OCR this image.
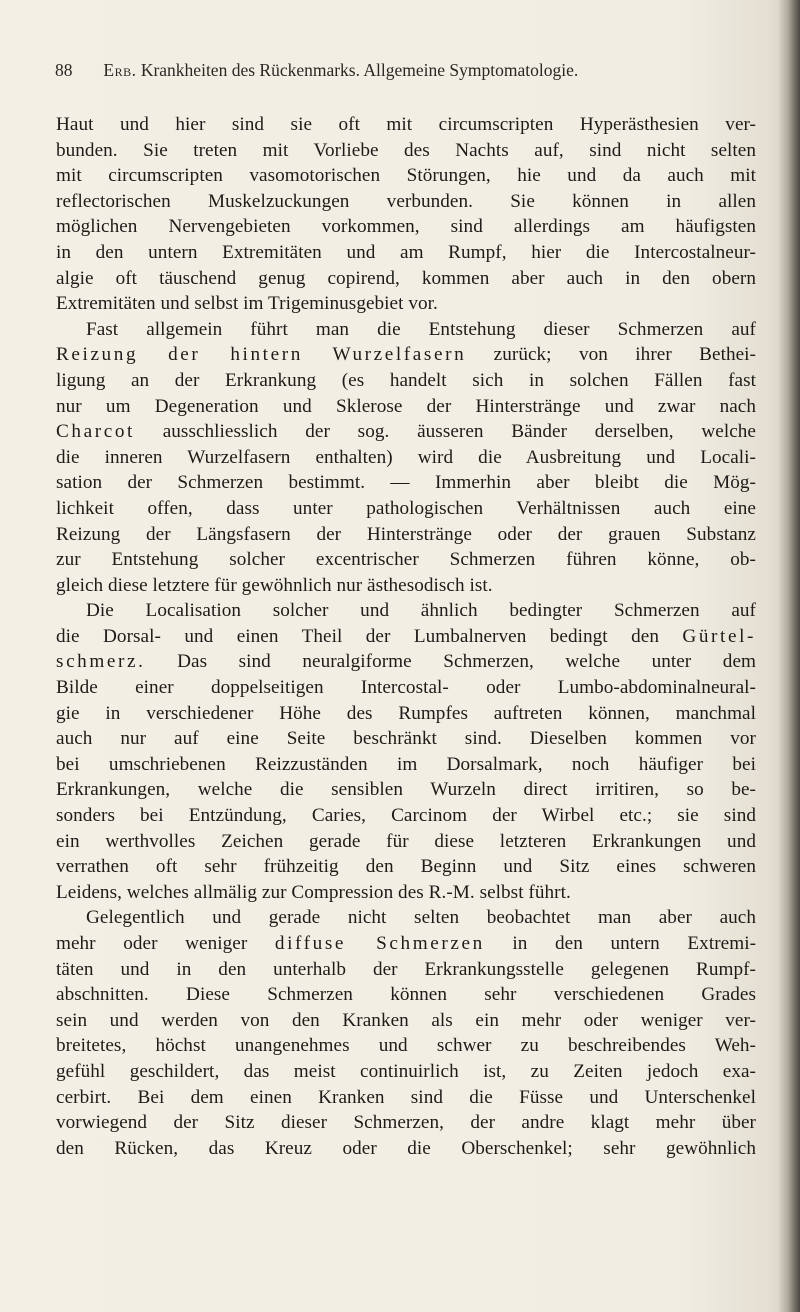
88 Erb. Krankheiten des Rückenmarks. Allgemeine Symptomatologie.
Haut und hier sind sie oft mit circumscripten Hyperästhesien ver-
bunden. Sie treten mit Vorliebe des Nachts auf, sind nicht selten
mit circumscripten vasomotorischen Störungen, hie und da auch mit
reflectorischen Muskelzuckungen verbunden. Sie können in allen
möglichen Nervengebieten vorkommen, sind allerdings am häufigsten
in den untern Extremitäten und am Rumpf, hier die Intercostalneur-
algie oft täuschend genug copirend, kommen aber auch in den obern
Extremitäten und selbst im Trigeminusgebiet vor.
Fast allgemein führt man die Entstehung dieser Schmerzen auf
Reizung der hintern Wurzelfasern zurück; von ihrer Bethei-
ligung an der Erkrankung (es handelt sich in solchen Fällen fast
nur um Degeneration und Sklerose der Hinterstränge und zwar nach
Charcot ausschliesslich der sog. äusseren Bänder derselben, welche
die inneren Wurzelfasern enthalten) wird die Ausbreitung und Locali-
sation der Schmerzen bestimmt. — Immerhin aber bleibt die Mög-
lichkeit offen, dass unter pathologischen Verhältnissen auch eine
Reizung der Längsfasern der Hinterstränge oder der grauen Substanz
zur Entstehung solcher excentrischer Schmerzen führen könne, ob-
gleich diese letztere für gewöhnlich nur ästhesodisch ist.
Die Localisation solcher und ähnlich bedingter Schmerzen auf
die Dorsal- und einen Theil der Lumbalnerven bedingt den Gürtel-
schmerz. Das sind neuralgiforme Schmerzen, welche unter dem
Bilde einer doppelseitigen Intercostal- oder Lumbo-abdominalneural-
gie in verschiedener Höhe des Rumpfes auftreten können, manchmal
auch nur auf eine Seite beschränkt sind. Dieselben kommen vor
bei umschriebenen Reizzuständen im Dorsalmark, noch häufiger bei
Erkrankungen, welche die sensiblen Wurzeln direct irritiren, so be-
sonders bei Entzündung, Caries, Carcinom der Wirbel etc.; sie sind
ein werthvolles Zeichen gerade für diese letzteren Erkrankungen und
verrathen oft sehr frühzeitig den Beginn und Sitz eines schweren
Leidens, welches allmälig zur Compression des R.-M. selbst führt.
Gelegentlich und gerade nicht selten beobachtet man aber auch
mehr oder weniger diffuse Schmerzen in den untern Extremi-
täten und in den unterhalb der Erkrankungsstelle gelegenen Rumpf-
abschnitten. Diese Schmerzen können sehr verschiedenen Grades
sein und werden von den Kranken als ein mehr oder weniger ver-
breitetes, höchst unangenehmes und schwer zu beschreibendes Weh-
gefühl geschildert, das meist continuirlich ist, zu Zeiten jedoch exa-
cerbirt. Bei dem einen Kranken sind die Füsse und Unterschenkel
vorwiegend der Sitz dieser Schmerzen, der andre klagt mehr über
den Rücken, das Kreuz oder die Oberschenkel; sehr gewöhnlich
